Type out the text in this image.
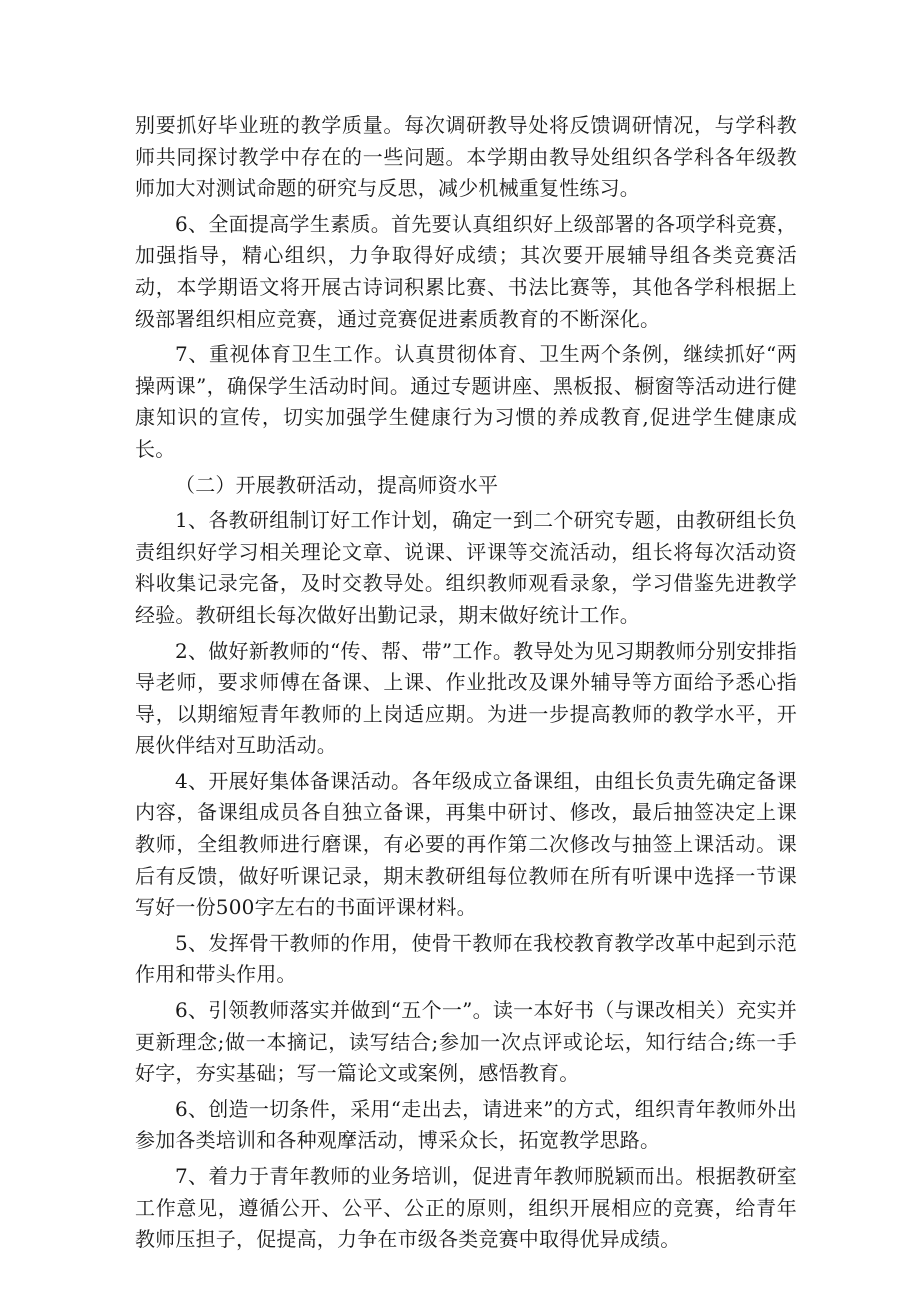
别要抓好毕业班的教学质量。每次调研教导处将反馈调研情况，与学科教师共同探讨教学中存在的一些问题。本学期由教导处组织各学科各年级教师加大对测试命题的研究与反思，减少机械重复性练习。

6、全面提高学生素质。首先要认真组织好上级部署的各项学科竞赛，加强指导，精心组织，力争取得好成绩；其次要开展辅导组各类竞赛活动，本学期语文将开展古诗词积累比赛、书法比赛等，其他各学科根据上级部署组织相应竞赛，通过竞赛促进素质教育的不断深化。

7、重视体育卫生工作。认真贯彻体育、卫生两个条例，继续抓好“两操两课”，确保学生活动时间。通过专题讲座、黑板报、橱窗等活动进行健康知识的宣传，切实加强学生健康行为习惯的养成教育,促进学生健康成长。

（二）开展教研活动，提高师资水平

1、各教研组制订好工作计划，确定一到二个研究专题，由教研组长负责组织好学习相关理论文章、说课、评课等交流活动，组长将每次活动资料收集记录完备，及时交教导处。组织教师观看录象，学习借鉴先进教学经验。教研组长每次做好出勤记录，期末做好统计工作。

2、做好新教师的“传、帮、带”工作。教导处为见习期教师分别安排指导老师，要求师傅在备课、上课、作业批改及课外辅导等方面给予悉心指导，以期缩短青年教师的上岗适应期。为进一步提高教师的教学水平，开展伙伴结对互助活动。

4、开展好集体备课活动。各年级成立备课组，由组长负责先确定备课内容，备课组成员各自独立备课，再集中研讨、修改，最后抽签决定上课教师，全组教师进行磨课，有必要的再作第二次修改与抽签上课活动。课后有反馈，做好听课记录，期末教研组每位教师在所有听课中选择一节课写好一份500字左右的书面评课材料。

5、发挥骨干教师的作用，使骨干教师在我校教育教学改革中起到示范作用和带头作用。

6、引领教师落实并做到“五个一”。读一本好书（与课改相关）充实并更新理念;做一本摘记，读写结合;参加一次点评或论坛，知行结合;练一手好字，夯实基础；写一篇论文或案例，感悟教育。

6、创造一切条件，采用“走出去，请进来”的方式，组织青年教师外出参加各类培训和各种观摩活动，博采众长，拓宽教学思路。

7、着力于青年教师的业务培训，促进青年教师脱颖而出。根据教研室工作意见，遵循公开、公平、公正的原则，组织开展相应的竞赛，给青年教师压担子，促提高，力争在市级各类竞赛中取得优异成绩。
